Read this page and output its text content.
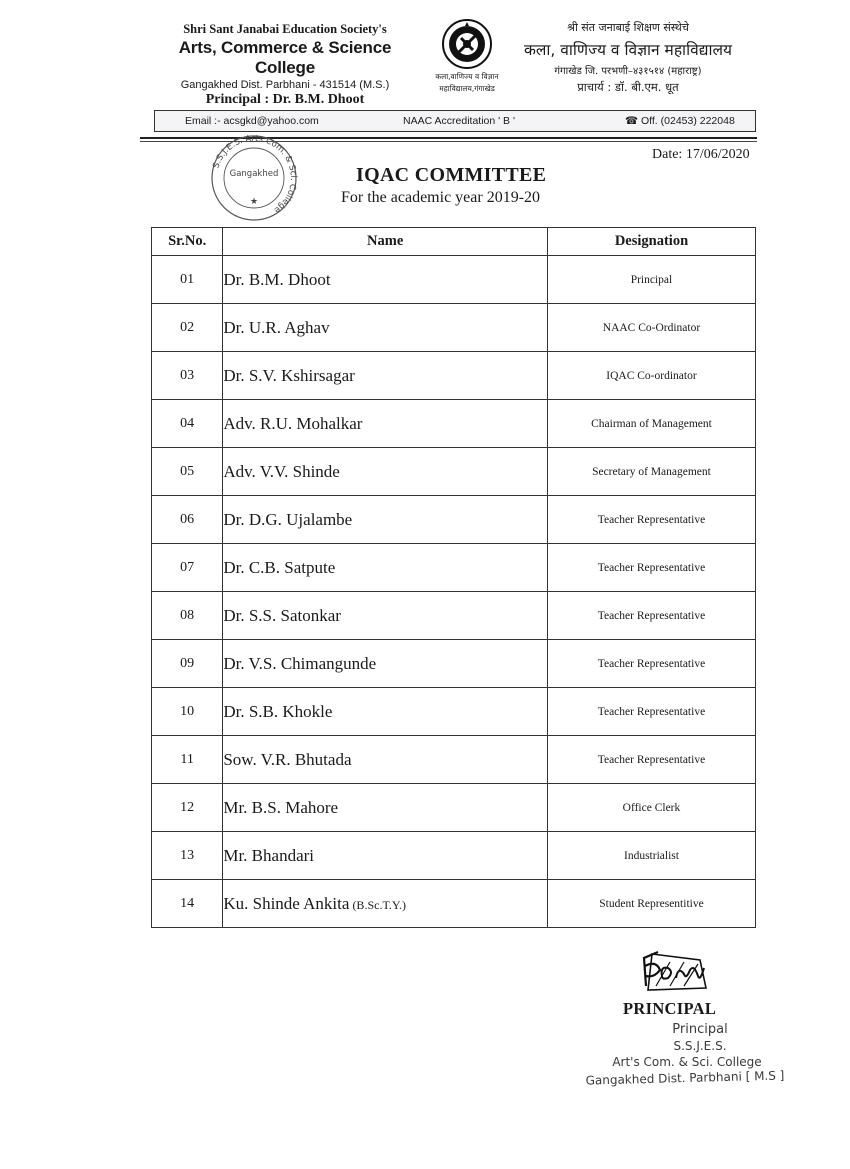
Shri Sant Janabai Education Society's
Arts, Commerce & Science College
Gangakhed Dist. Parbhani - 431514 (M.S.)
Principal : Dr. B.M. Dhoot
कला,वाणिज्य व विज्ञान
महाविद्यालय,गंगाखेड
श्री संत जनाबाई शिक्षण संस्थेचे
कला, वाणिज्य व विज्ञान महाविद्यालय
गंगाखेड जि. परभणी–४३१५१४ (महाराष्ट्र)
प्राचार्य : डॉ. बी.एम. धूत
Email :- acsgkd@yahoo.com	NAAC Accreditation ' B '	☎ Off. (02453) 222048
S.S.J.E.S. Arts Com. & Sci. College
Gangakhed
★
Date: 17/06/2020
IQAC COMMITTEE
For the academic year 2019-20
Sr.No.	Name	Designation
01	Dr. B.M. Dhoot	Principal
02	Dr. U.R. Aghav	NAAC Co-Ordinator
03	Dr. S.V. Kshirsagar	IQAC Co-ordinator
04	Adv. R.U. Mohalkar	Chairman of Management
05	Adv. V.V. Shinde	Secretary of Management
06	Dr. D.G. Ujalambe	Teacher Representative
07	Dr. C.B. Satpute	Teacher Representative
08	Dr. S.S. Satonkar	Teacher Representative
09	Dr. V.S. Chimangunde	Teacher Representative
10	Dr. S.B. Khokle	Teacher Representative
11	Sow. V.R. Bhutada	Teacher Representative
12	Mr. B.S. Mahore	Office Clerk
13	Mr. Bhandari	Industrialist
14	Ku. Shinde Ankita (B.Sc.T.Y.)	Student Representitive
PRINCIPAL
Principal
S.S.J.E.S.
Art's Com. & Sci. College
Gangakhed Dist. Parbhani [ M.S ]
